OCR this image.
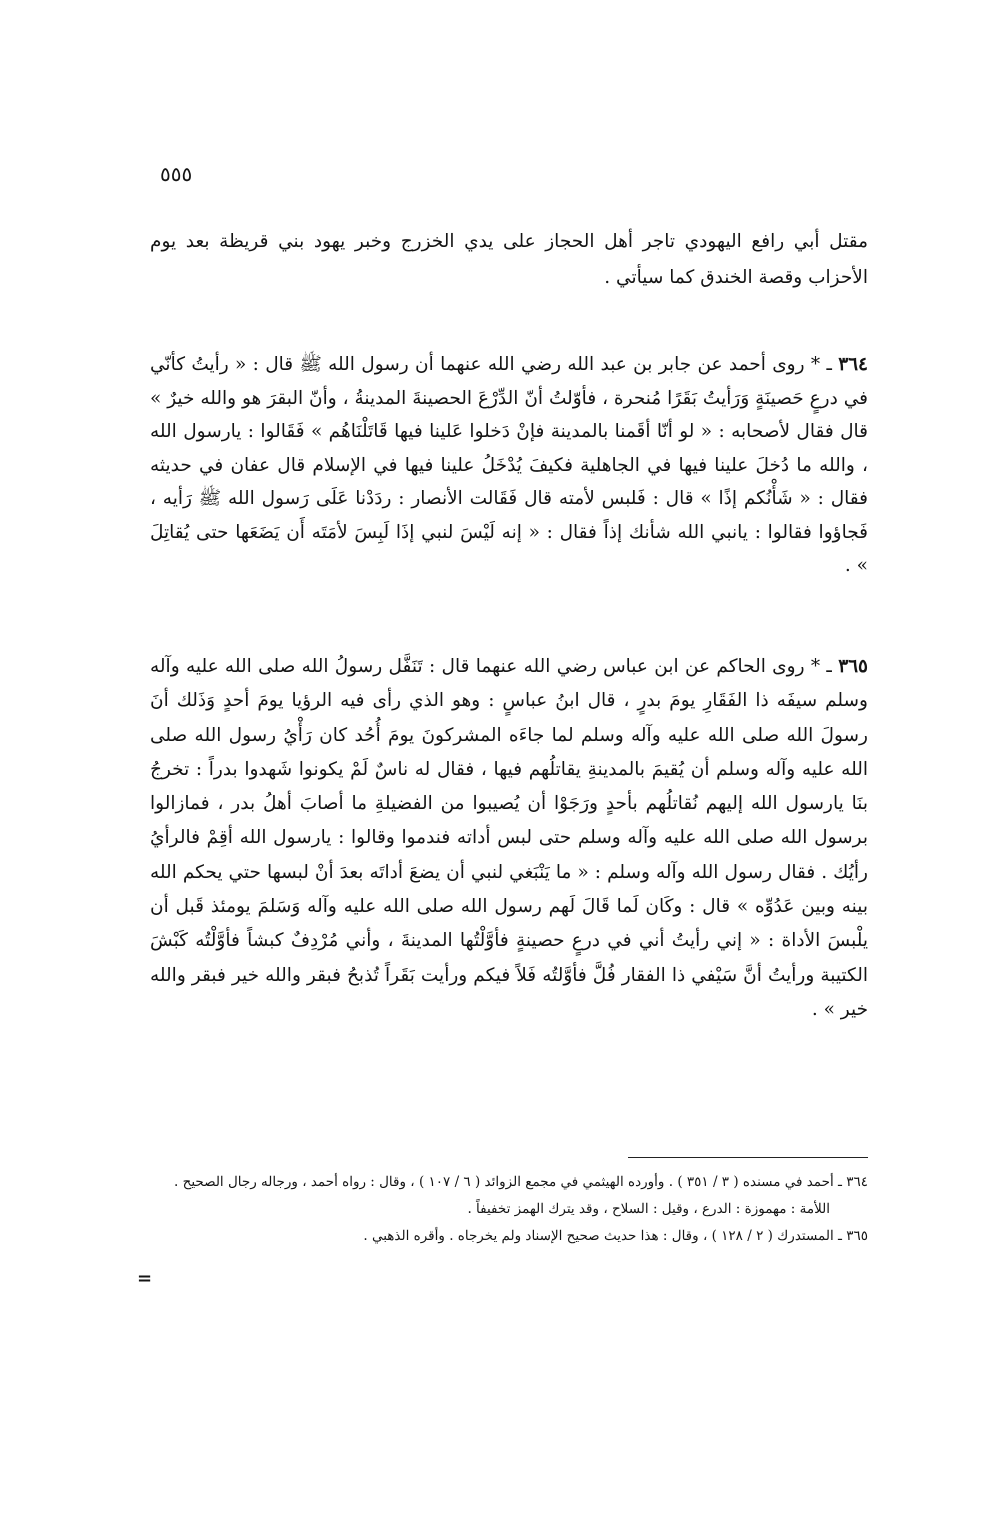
٥٥٥

مقتل أبي رافع اليهودي تاجر أهل الحجاز على يدي الخزرج وخبر يهود بني قريظة بعد يوم الأحزاب وقصة الخندق كما سيأتي .

٣٦٤ ـ * روى أحمد عن جابر بن عبد الله رضي الله عنهما أن رسول الله ﷺ قال : « رأيتُ كأنّي في درعٍ حَصينَةٍ وَرَأيتُ بَقَرًا مُنحرة ، فأوّلتُ أنّ الدِّرْعَ الحصينةَ المدينةُ ، وأنّ البقرَ هو والله خيرٌ » قال فقال لأصحابه : « لو أنّا أقَمنا بالمدينة فإنْ دَخلوا عَلينا فيها قَاتَلْنَاهُم » فَقَالوا : يارسول الله ، والله ما دُخلَ علينا فيها في الجاهلية فكيفَ يُدْخَلُ علينا فيها في الإسلام قال عفان في حديثه فقال : « شَأْنُكم إذًا » قال : فَلبس لأمته قال فَقَالت الأنصار : ردَدْنا عَلَى رَسول الله ﷺ رَأيه ، فَجاؤوا فقالوا : يانبي الله شأنك إذاً فقال : « إنه لَيْسَ لنبي إذَا لَبِسَ لأمَتَه أَن يَضَعَها حتى يُقاتِلَ » .

٣٦٥ ـ * روى الحاكم عن ابن عباس رضي الله عنهما قال : تَنَفَّل رسولُ الله صلى الله عليه وآله وسلم سيفَه ذا الفَقَارِ يومَ بدرٍ ، قال ابنُ عباسٍ : وهو الذي رأى فيه الرؤيا يومَ أحدٍ وَذَلك أنَ رسولَ الله صلى الله عليه وآله وسلم لما جاءَه المشركونَ يومَ أُحُد كان رَأْيُ رسول الله صلى الله عليه وآله وسلم أن يُقيمَ بالمدينةِ يقاتلُهم فيها ، فقال له ناسٌ لَمْ يكونوا شَهدوا بدراً : تخرجُ بنَا يارسول الله إليهم نُقاتلُهم بأحدٍ ورَجَوْا أن يُصيبوا من الفضيلةِ ما أصابَ أهلُ بدر ، فمازالوا برسول الله صلى الله عليه وآله وسلم حتى لبس أداته فندموا وقالوا : يارسول الله أقِمْ فالرأيُ رأيُك . فقال رسول الله وآله وسلم : « ما يَنْبَغي لنبي أن يضعَ أداتَه بعدَ أنْ لبسها حتي يحكم الله بينه وبين عَدُوِّه » قال : وكَان لَما قَالَ لَهم رسول الله صلى الله عليه وآله وَسَلمَ يومئذ قَبل أن يلْبسَ الأداة : « إني رأيتُ أني في درعٍ حصينةٍ فأوَّلْتُها المدينةَ ، وأني مُرْدِفٌ كبشاً فأوَّلْتُه كَبْشَ الكتيبة ورأيتُ أنَّ سَيْفي ذا الفقار فُلَّ فأوَّلتُه فَلاً فيكم ورأيت بَقَراً تُذبحُ فبقر والله خير فبقر والله خير » .

٣٦٤ ـ أحمد في مسنده ( ٣ / ٣٥١ ) . وأورده الهيثمي في مجمع الزوائد ( ٦ / ١٠٧ ) ، وقال : رواه أحمد ، ورجاله رجال الصحيح .

اللأمة : مهموزة : الدرع ، وقيل : السلاح ، وقد يترك الهمز تخفيفاً .

٣٦٥ ـ المستدرك ( ٢ / ١٢٨ ) ، وقال : هذا حديث صحيح الإسناد ولم يخرجاه . وأقره الذهبي .

=
